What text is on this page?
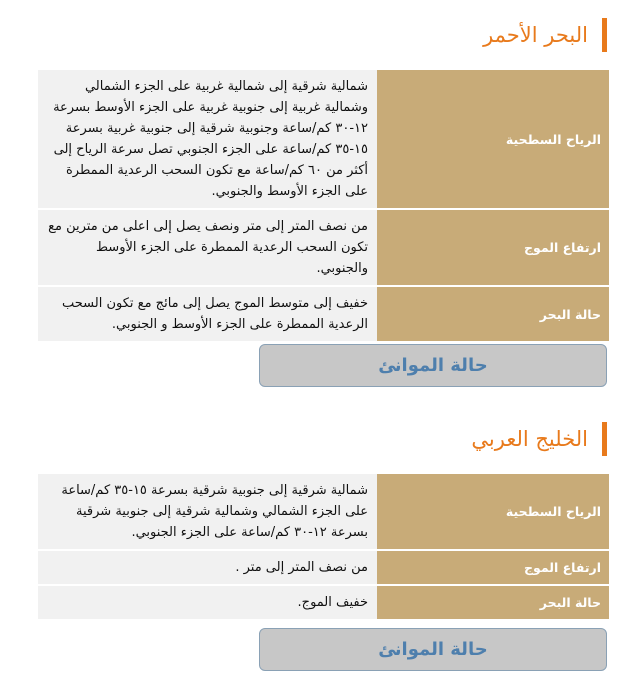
البحر الأحمر
الرياح السطحية	شمالية شرقية إلى شمالية غربية على الجزء الشمالي وشمالية غربية إلى جنوبية غربية على الجزء الأوسط بسرعة ١٢-٣٠ كم/ساعة وجنوبية شرقية إلى جنوبية غربية بسرعة ١٥-٣٥ كم/ساعة على الجزء الجنوبي تصل سرعة الرياح إلى أكثر من ٦٠ كم/ساعة مع تكون السحب الرعدية الممطرة على الجزء الأوسط والجنوبي.
ارتفاع الموج	من نصف المتر إلى متر ونصف يصل إلى اعلى من مترين مع تكون السحب الرعدية الممطرة على الجزء الأوسط والجنوبي.
حالة البحر	خفيف إلى متوسط الموج يصل إلى مائج مع تكون السحب الرعدية الممطرة على الجزء الأوسط و الجنوبي.
حالة الموانئ
الخليج العربي
الرياح السطحية	شمالية شرقية إلى جنوبية شرقية بسرعة ١٥-٣٥ كم/ساعة على الجزء الشمالي وشمالية شرقية إلى جنوبية شرقية بسرعة ١٢-٣٠ كم/ساعة على الجزء الجنوبي.
ارتفاع الموج	من نصف المتر إلى متر .
حالة البحر	خفيف الموج.
حالة الموانئ
